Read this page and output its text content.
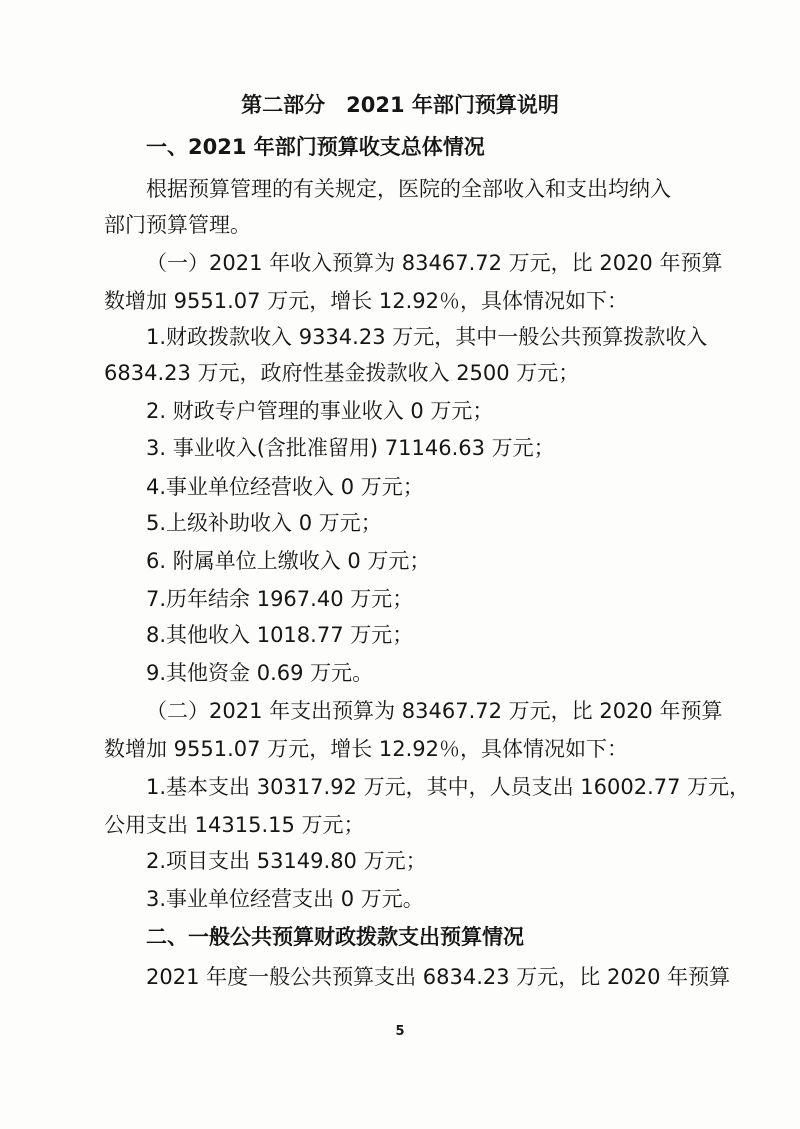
第二部分　2021 年部门预算说明
一、2021 年部门预算收支总体情况
根据预算管理的有关规定，医院的全部收入和支出均纳入
部门预算管理。
（一）2021 年收入预算为 83467.72 万元，比 2020 年预算
数增加 9551.07 万元，增长 12.92％，具体情况如下：
1.财政拨款收入 9334.23 万元，其中一般公共预算拨款收入
6834.23 万元，政府性基金拨款收入 2500 万元；
2. 财政专户管理的事业收入 0 万元；
3. 事业收入(含批准留用) 71146.63 万元；
4.事业单位经营收入 0 万元；
5.上级补助收入 0 万元；
6. 附属单位上缴收入 0 万元；
7.历年结余 1967.40 万元；
8.其他收入 1018.77 万元；
9.其他资金 0.69 万元。
（二）2021 年支出预算为 83467.72 万元，比 2020 年预算
数增加 9551.07 万元，增长 12.92％，具体情况如下：
1.基本支出 30317.92 万元，其中，人员支出 16002.77 万元，
公用支出 14315.15 万元；
2.项目支出 53149.80 万元；
3.事业单位经营支出 0 万元。
二、一般公共预算财政拨款支出预算情况
2021 年度一般公共预算支出 6834.23 万元，比 2020 年预算
5
